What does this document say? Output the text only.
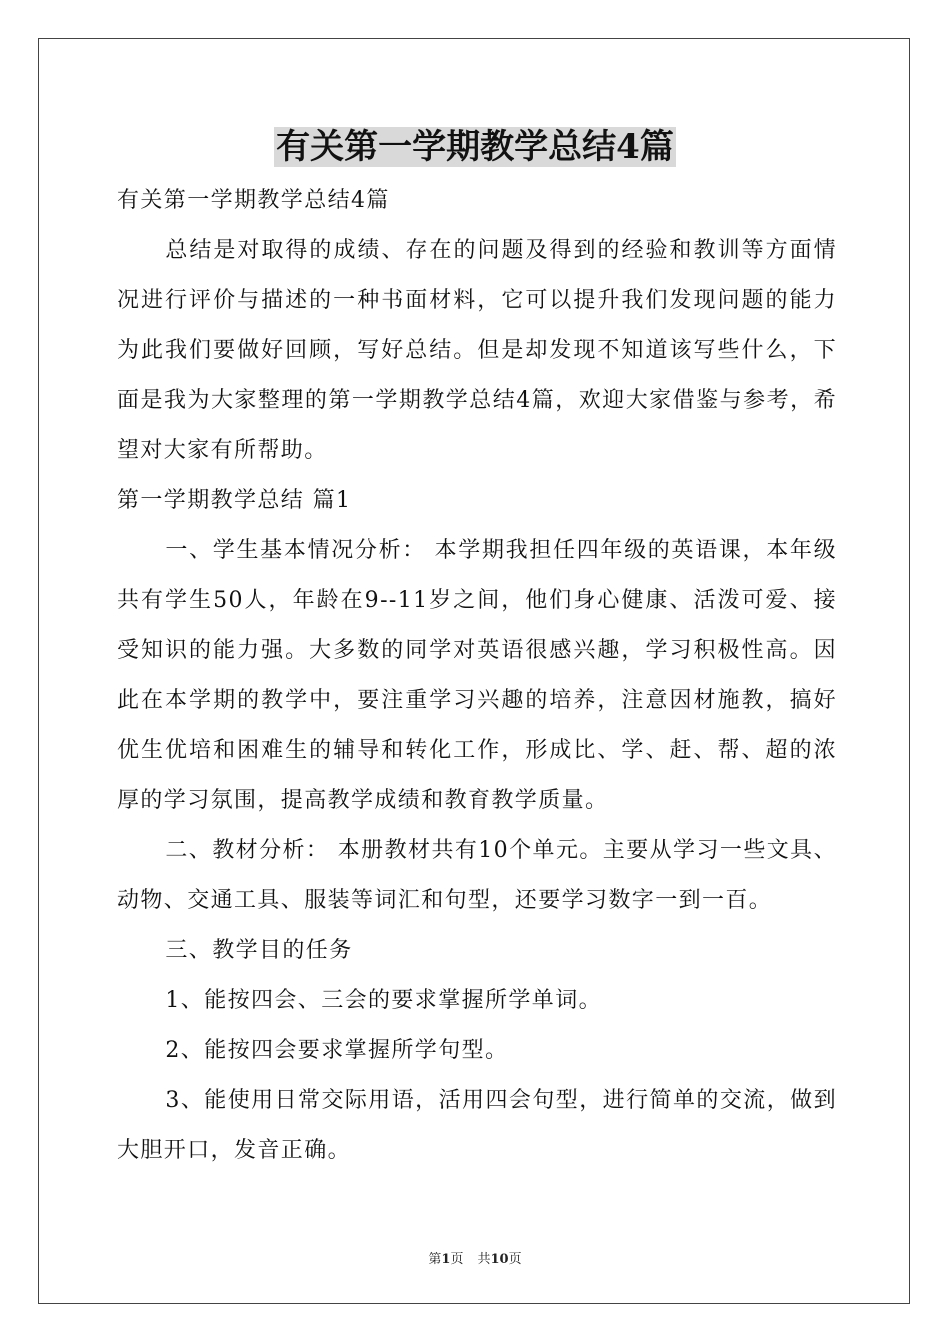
有关第一学期教学总结4篇

有关第一学期教学总结4篇

总结是对取得的成绩、存在的问题及得到的经验和教训等方面情况进行评价与描述的一种书面材料，它可以提升我们发现问题的能力为此我们要做好回顾，写好总结。但是却发现不知道该写些什么，下面是我为大家整理的第一学期教学总结4篇，欢迎大家借鉴与参考，希望对大家有所帮助。

第一学期教学总结 篇1

一、学生基本情况分析： 本学期我担任四年级的英语课，本年级共有学生50人，年龄在9--11岁之间，他们身心健康、活泼可爱、接受知识的能力强。大多数的同学对英语很感兴趣，学习积极性高。因此在本学期的教学中，要注重学习兴趣的培养，注意因材施教，搞好优生优培和困难生的辅导和转化工作，形成比、学、赶、帮、超的浓厚的学习氛围，提高教学成绩和教育教学质量。

二、教材分析： 本册教材共有10个单元。主要从学习一些文具、动物、交通工具、服装等词汇和句型，还要学习数字一到一百。

三、教学目的任务

1、能按四会、三会的要求掌握所学单词。

2、能按四会要求掌握所学句型。

3、能使用日常交际用语，活用四会句型，进行简单的交流，做到大胆开口，发音正确。

第1页 共10页
